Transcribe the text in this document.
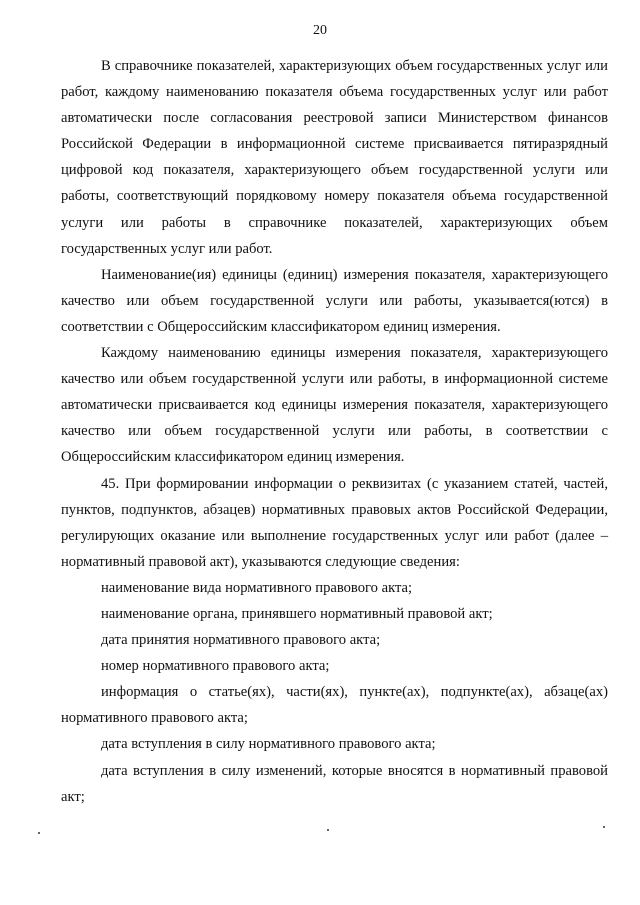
20

В справочнике показателей, характеризующих объем государственных услуг или работ, каждому наименованию показателя объема государственных услуг или работ автоматически после согласования реестровой записи Министерством финансов Российской Федерации в информационной системе присваивается пятиразрядный цифровой код показателя, характеризующего объем государственной услуги или работы, соответствующий порядковому номеру показателя объема государственной услуги или работы в справочнике показателей, характеризующих объем государственных услуг или работ.

Наименование(ия) единицы (единиц) измерения показателя, характеризующего качество или объем государственной услуги или работы, указывается(ются) в соответствии с Общероссийским классификатором единиц измерения.

Каждому наименованию единицы измерения показателя, характеризующего качество или объем государственной услуги или работы, в информационной системе автоматически присваивается код единицы измерения показателя, характеризующего качество или объем государственной услуги или работы, в соответствии с Общероссийским классификатором единиц измерения.

45. При формировании информации о реквизитах (с указанием статей, частей, пунктов, подпунктов, абзацев) нормативных правовых актов Российской Федерации, регулирующих оказание или выполнение государственных услуг или работ (далее – нормативный правовой акт), указываются следующие сведения:

наименование вида нормативного правового акта;

наименование органа, принявшего нормативный правовой акт;

дата принятия нормативного правового акта;

номер нормативного правового акта;

информация о статье(ях), части(ях), пункте(ах), подпункте(ах), абзаце(ах) нормативного правового акта;

дата вступления в силу нормативного правового акта;

дата вступления в силу изменений, которые вносятся в нормативный правовой акт;
